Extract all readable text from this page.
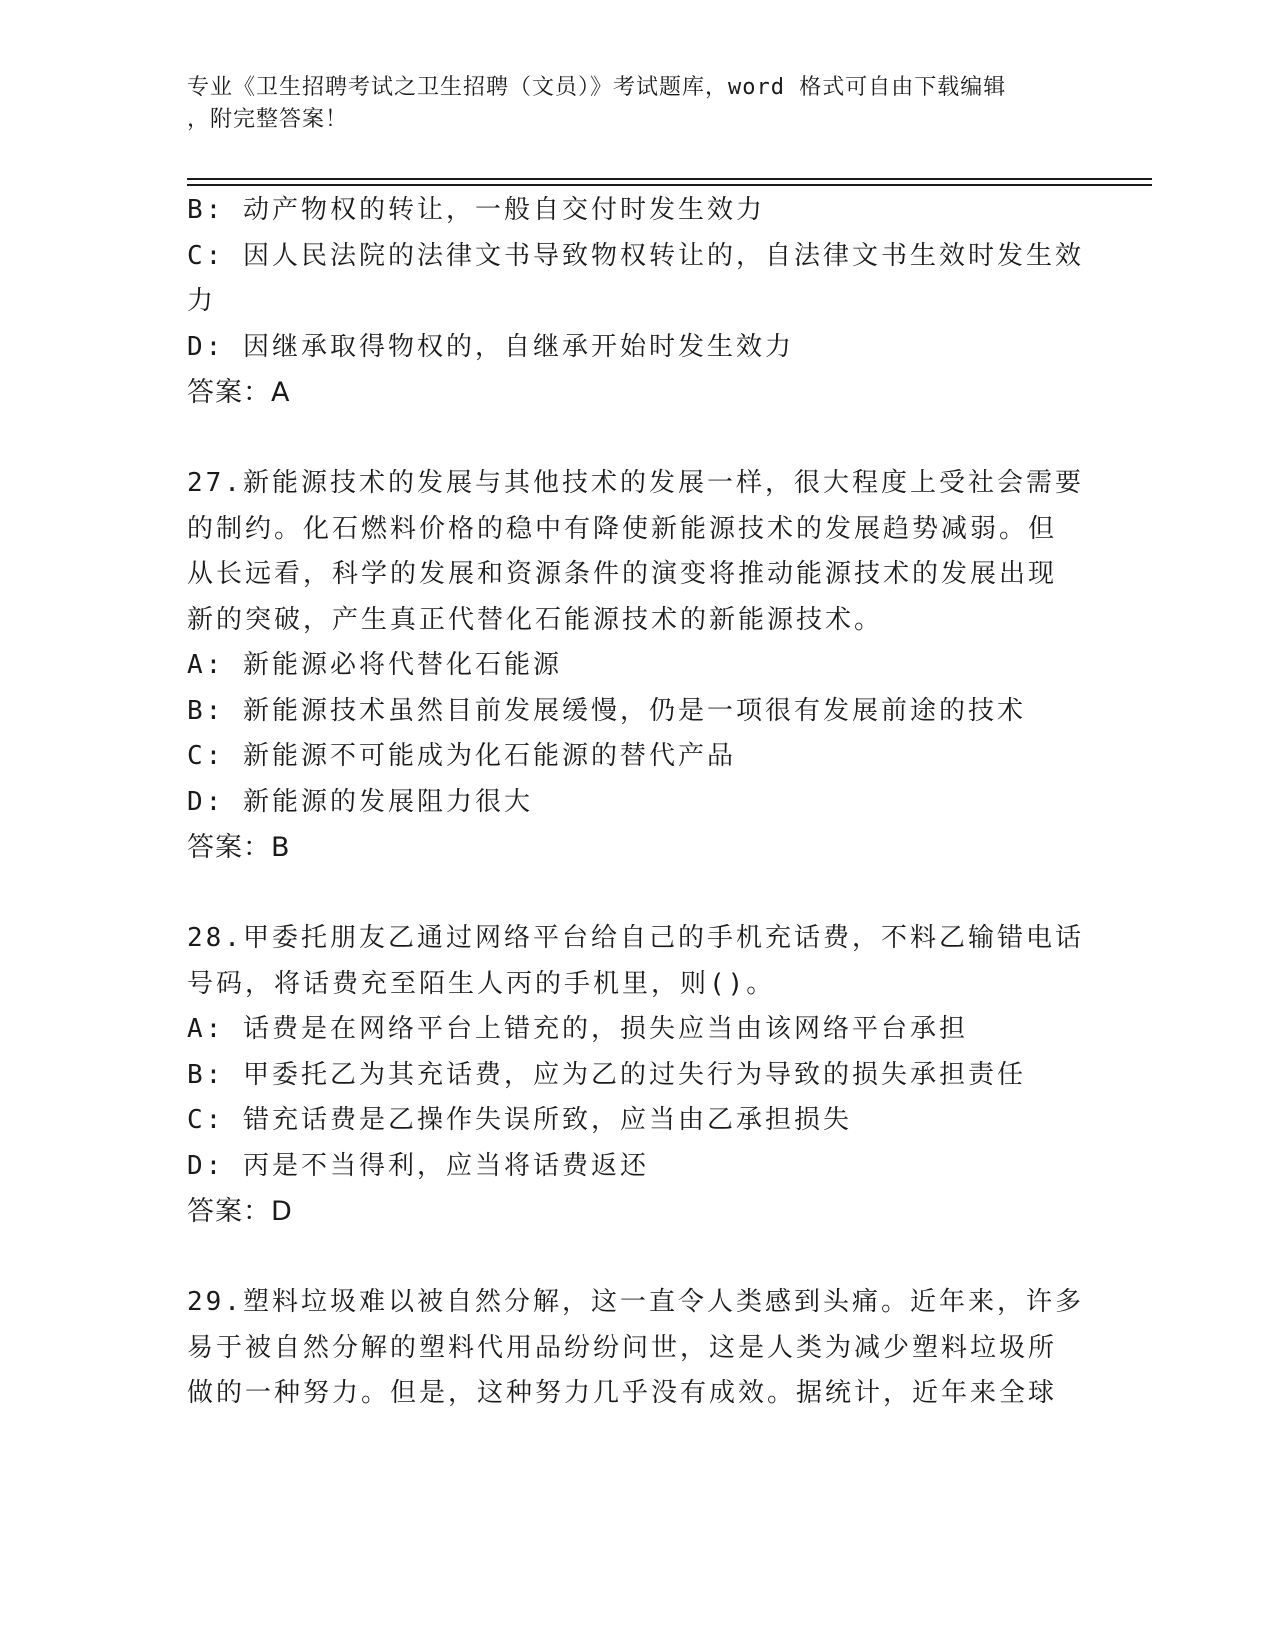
专业《卫生招聘考试之卫生招聘（文员）》考试题库，word 格式可自由下载编辑
，附完整答案！
B: 动产物权的转让，一般自交付时发生效力
C: 因人民法院的法律文书导致物权转让的，自法律文书生效时发生效
力
D: 因继承取得物权的，自继承开始时发生效力
答案：A
27.新能源技术的发展与其他技术的发展一样，很大程度上受社会需要
的制约。化石燃料价格的稳中有降使新能源技术的发展趋势减弱。但
从长远看，科学的发展和资源条件的演变将推动能源技术的发展出现
新的突破，产生真正代替化石能源技术的新能源技术。
A: 新能源必将代替化石能源
B: 新能源技术虽然目前发展缓慢，仍是一项很有发展前途的技术
C: 新能源不可能成为化石能源的替代产品
D: 新能源的发展阻力很大
答案：B
28.甲委托朋友乙通过网络平台给自己的手机充话费，不料乙输错电话
号码，将话费充至陌生人丙的手机里，则()。
A: 话费是在网络平台上错充的，损失应当由该网络平台承担
B: 甲委托乙为其充话费，应为乙的过失行为导致的损失承担责任
C: 错充话费是乙操作失误所致，应当由乙承担损失
D: 丙是不当得利，应当将话费返还
答案：D
29.塑料垃圾难以被自然分解，这一直令人类感到头痛。近年来，许多
易于被自然分解的塑料代用品纷纷问世，这是人类为减少塑料垃圾所
做的一种努力。但是，这种努力几乎没有成效。据统计，近年来全球
